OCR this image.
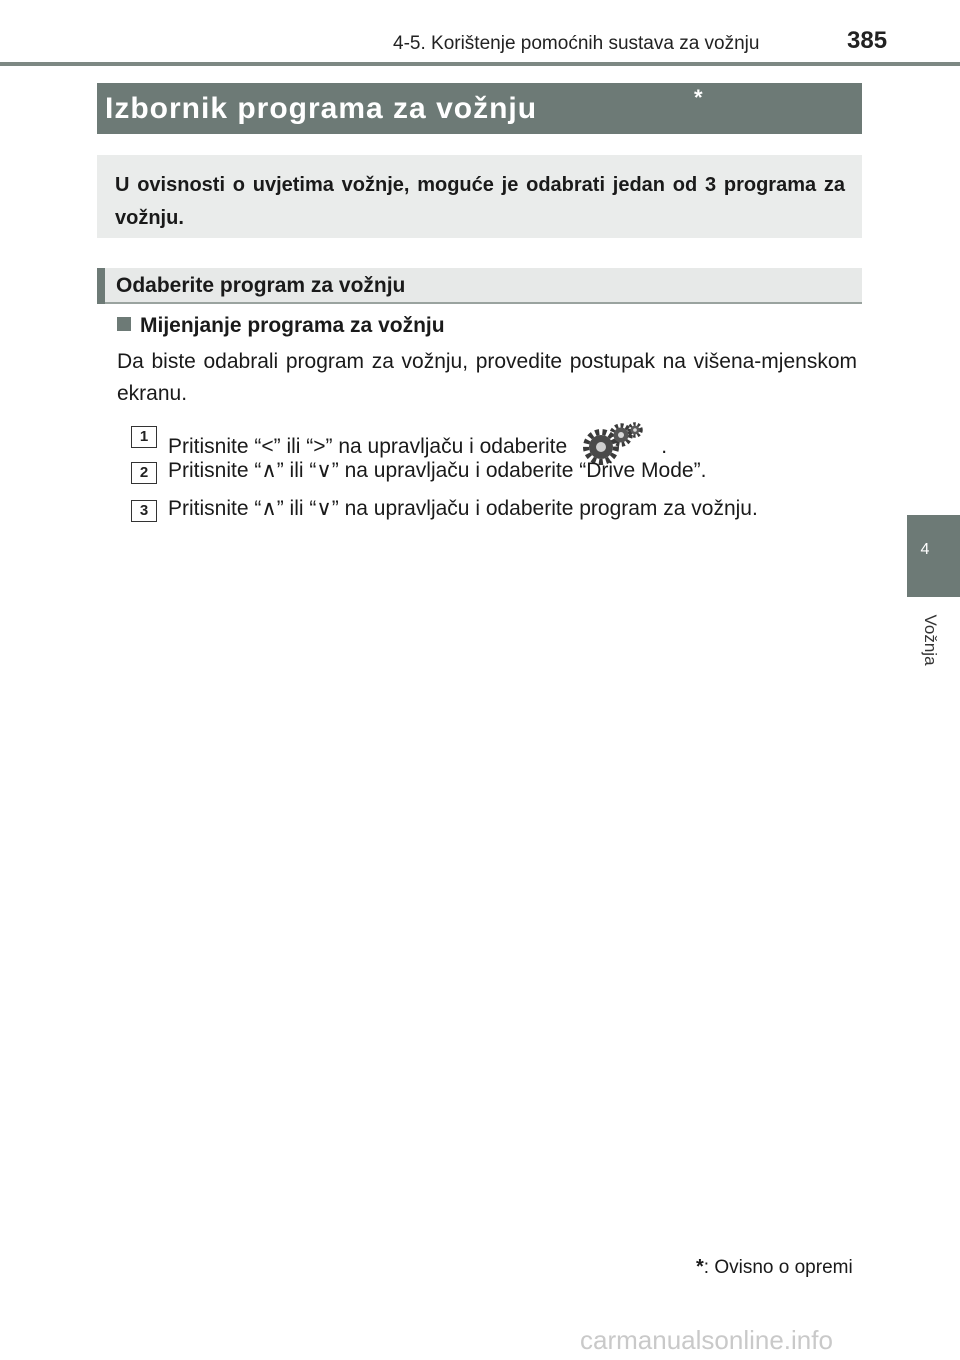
4-5. Korištenje pomoćnih sustava za vožnju	385
Izbornik programa za vožnju	*
U ovisnosti o uvjetima vožnje, moguće je odabrati jedan od 3 programa za vožnju.
Odaberite program za vožnju
Mijenjanje programa za vožnju
Da biste odabrali program za vožnju, provedite postupak na višena-mjenskom ekranu.
1 Pritisnite “<” ili “>” na upravljaču i odaberite	.
2 Pritisnite “∧” ili “∨” na upravljaču i odaberite “Drive Mode”.
3 Pritisnite “∧” ili “∨” na upravljaču i odaberite program za vožnju.
4
Vožnja
*: Ovisno o opremi
carmanualsonline.info
